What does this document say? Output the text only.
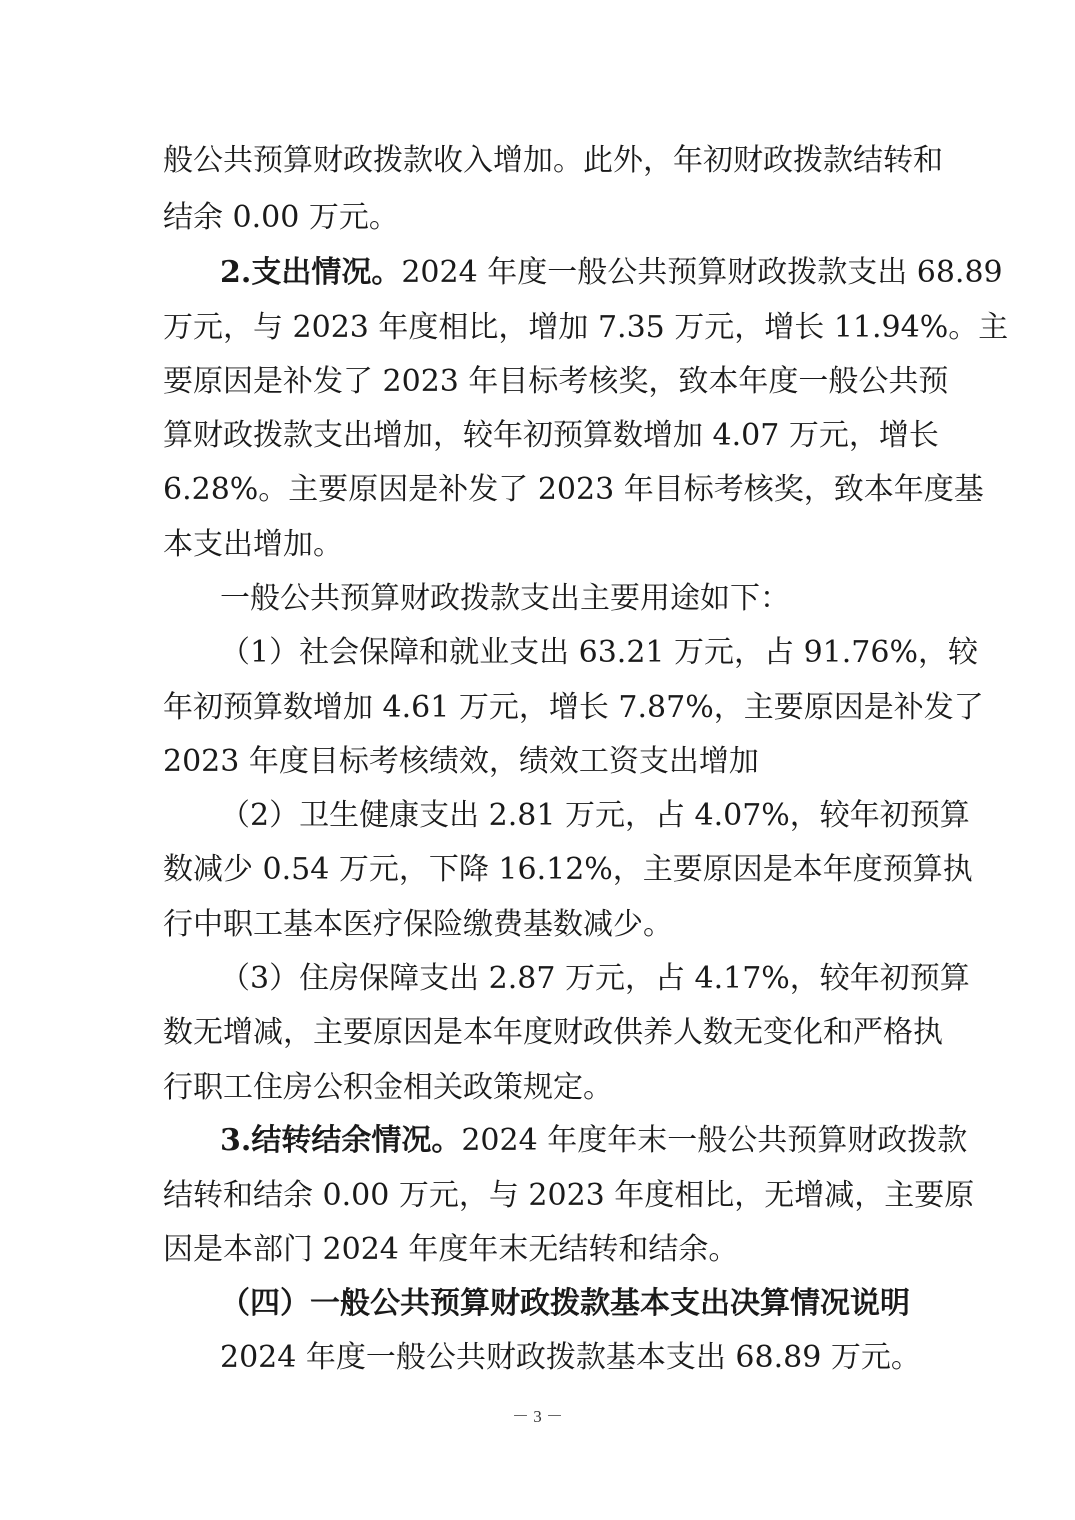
般公共预算财政拨款收入增加。此外，年初财政拨款结转和
结余 0.00 万元。
2.支出情况。2024 年度一般公共预算财政拨款支出 68.89
万元，与 2023 年度相比，增加 7.35 万元，增长 11.94%。主
要原因是补发了 2023 年目标考核奖，致本年度一般公共预
算财政拨款支出增加，较年初预算数增加 4.07 万元，增长
6.28%。主要原因是补发了 2023 年目标考核奖，致本年度基
本支出增加。
一般公共预算财政拨款支出主要用途如下：
（1）社会保障和就业支出 63.21 万元，占 91.76%，较
年初预算数增加 4.61 万元，增长 7.87%，主要原因是补发了
2023 年度目标考核绩效，绩效工资支出增加
（2）卫生健康支出 2.81 万元，占 4.07%，较年初预算
数减少 0.54 万元，下降 16.12%，主要原因是本年度预算执
行中职工基本医疗保险缴费基数减少。
（3）住房保障支出 2.87 万元，占 4.17%，较年初预算
数无增减，主要原因是本年度财政供养人数无变化和严格执
行职工住房公积金相关政策规定。
3.结转结余情况。2024 年度年末一般公共预算财政拨款
结转和结余 0.00 万元，与 2023 年度相比，无增减，主要原
因是本部门 2024 年度年末无结转和结余。
（四）一般公共预算财政拨款基本支出决算情况说明
2024 年度一般公共财政拨款基本支出 68.89 万元。
－ 3 －
